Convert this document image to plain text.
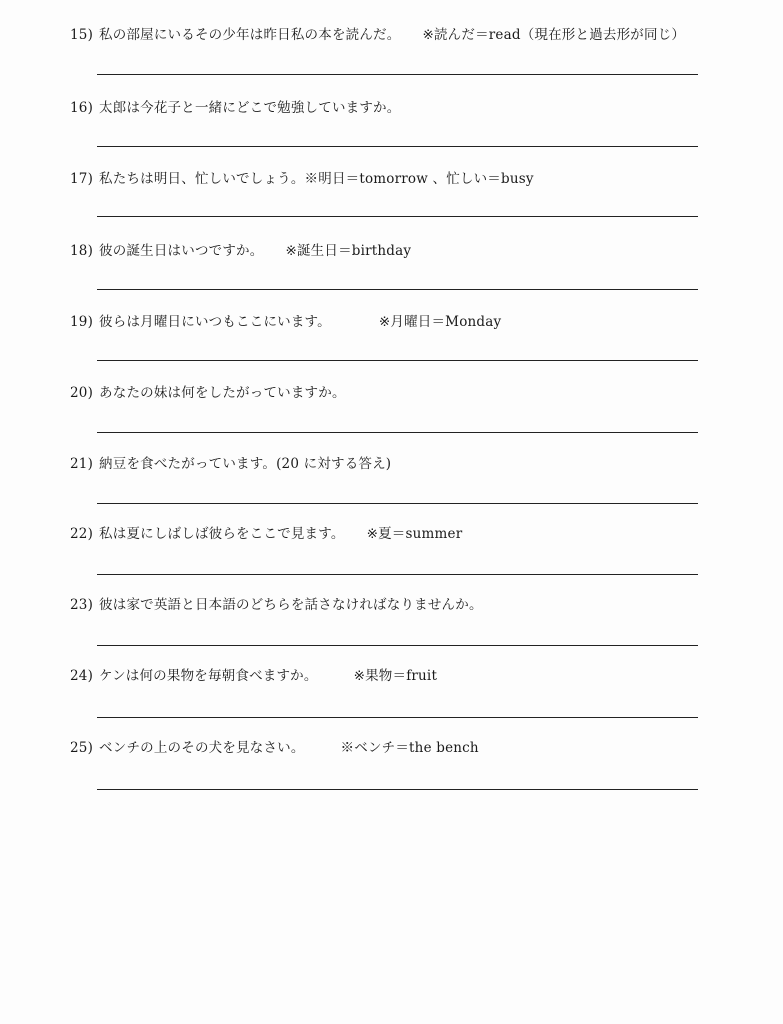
15) 私の部屋にいるその少年は昨日私の本を読んだ。 ※読んだ＝read（現在形と過去形が同じ）
16) 太郎は今花子と一緒にどこで勉強していますか。
17) 私たちは明日、忙しいでしょう。※明日＝tomorrow 、忙しい＝busy
18) 彼の誕生日はいつですか。 ※誕生日＝birthday
19) 彼らは月曜日にいつもここにいます。	※月曜日＝Monday
20) あなたの妹は何をしたがっていますか。
21) 納豆を食べたがっています。(20 に対する答え)
22) 私は夏にしばしば彼らをここで見ます。 ※夏＝summer
23) 彼は家で英語と日本語のどちらを話さなければなりませんか。
24) ケンは何の果物を毎朝食べますか。	※果物＝fruit
25) ベンチの上のその犬を見なさい。	※ベンチ＝the bench
